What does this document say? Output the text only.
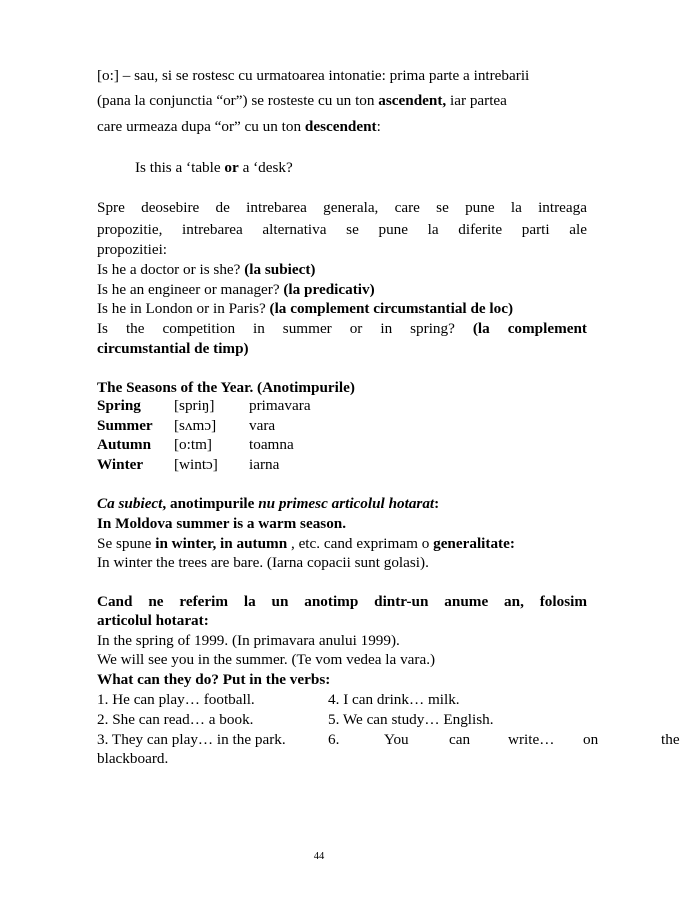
[o:] – sau, si se rostesc cu urmatoarea intonatie: prima parte a intrebarii
(pana la conjunctia “or”) se rosteste cu un ton ascendent, iar partea
care urmeaza dupa “or” cu un ton descendent:
Is this a ‘table or a ‘desk?
Spre deosebire de intrebarea generala, care se pune la intreaga
propozitie, intrebarea alternativa se pune la diferite parti ale
propozitiei:
Is he a doctor or is she? (la subiect)
Is he an engineer or manager? (la predicativ)
Is he in London or in Paris? (la complement circumstantial de loc)
Is the competition in summer or in spring? (la complement
circumstantial de timp)
The Seasons of the Year. (Anotimpurile)
Spring [spriŋ] primavara
Summer [sʌmɔ] vara
Autumn [o:tm] toamna
Winter [wintɔ] iarna
Ca subiect, anotimpurile nu primesc articolul hotarat:
In Moldova summer is a warm season.
Se spune in winter, in autumn , etc. cand exprimam o generalitate:
In winter the trees are bare. (Iarna copacii sunt golasi).
Cand ne referim la un anotimp dintr-un anume an, folosim
articolul hotarat:
In the spring of 1999. (In primavara anului 1999).
We will see you in the summer. (Te vom vedea la vara.)
What can they do? Put in the verbs:
1. He can play… football.	4. I can drink… milk.
2. She can read… a book.	5. We can study… English.
3. They can play… in the park.	6.	You	can write… on	the
blackboard.
44
